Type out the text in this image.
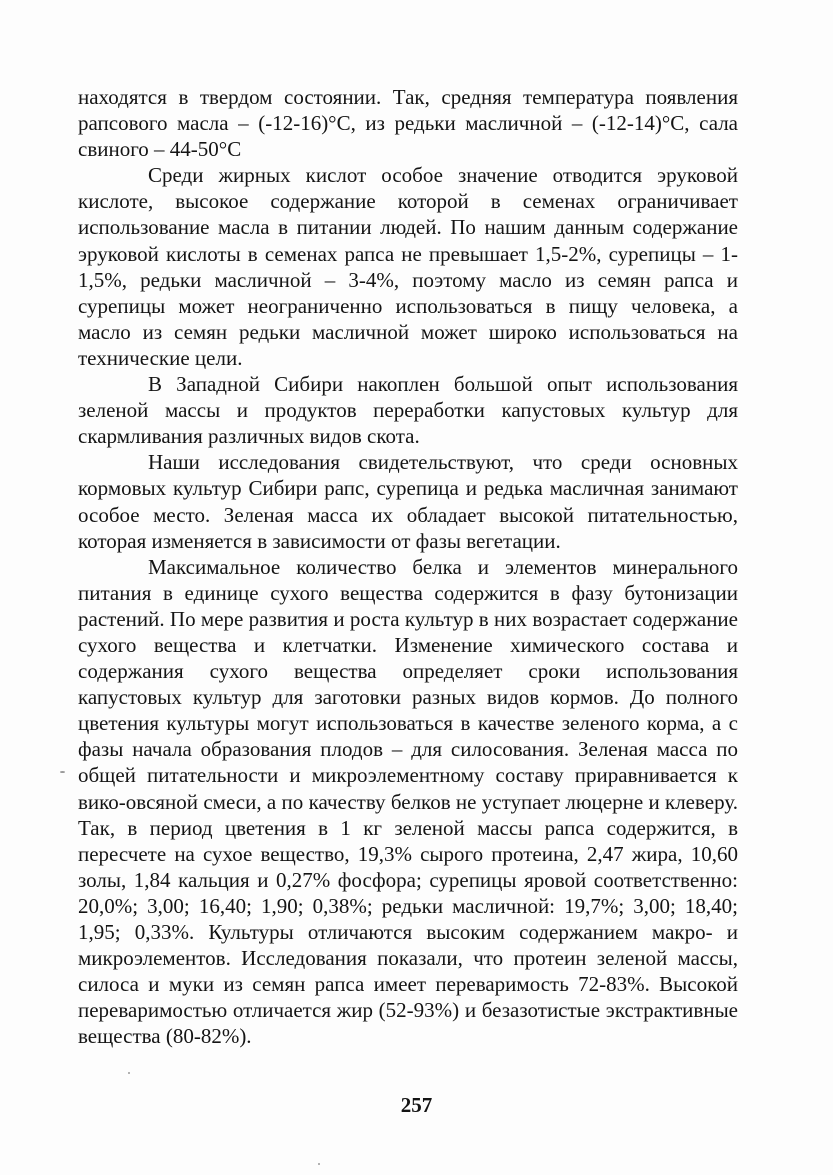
находятся в твердом состоянии. Так, средняя температура появления рапсового масла – (-12-16)°С, из редьки масличной – (-12-14)°С, сала свиного – 44-50°С

Среди жирных кислот особое значение отводится эруковой кислоте, высокое содержание которой в семенах ограничивает использование масла в питании людей. По нашим данным содержание эруковой кислоты в семенах рапса не превышает 1,5-2%, сурепицы – 1-1,5%, редьки масличной – 3-4%, поэтому масло из семян рапса и сурепицы может неограниченно использоваться в пищу человека, а масло из семян редьки масличной может широко использоваться на технические цели.

В Западной Сибири накоплен большой опыт использования зеленой массы и продуктов переработки капустовых культур для скармливания различных видов скота.

Наши исследования свидетельствуют, что среди основных кормовых культур Сибири рапс, сурепица и редька масличная занимают особое место. Зеленая масса их обладает высокой питательностью, которая изменяется в зависимости от фазы вегетации.

Максимальное количество белка и элементов минерального питания в единице сухого вещества содержится в фазу бутонизации растений. По мере развития и роста культур в них возрастает содержание сухого вещества и клетчатки. Изменение химического состава и содержания сухого вещества определяет сроки использования капустовых культур для заготовки разных видов кормов. До полного цветения культуры могут использоваться в качестве зеленого корма, а с фазы начала образования плодов – для силосования. Зеленая масса по общей питательности и микроэлементному составу приравнивается к вико-овсяной смеси, а по качеству белков не уступает люцерне и клеверу. Так, в период цветения в 1 кг зеленой массы рапса содержится, в пересчете на сухое вещество, 19,3% сырого протеина, 2,47 жира, 10,60 золы, 1,84 кальция и 0,27% фосфора; сурепицы яровой соответственно: 20,0%; 3,00; 16,40; 1,90; 0,38%; редьки масличной: 19,7%; 3,00; 18,40; 1,95; 0,33%. Культуры отличаются высоким содержанием макро- и микроэлементов. Исследования показали, что протеин зеленой массы, силоса и муки из семян рапса имеет переваримость 72-83%. Высокой переваримостью отличается жир (52-93%) и безазотистые экстрактивные вещества (80-82%).

257
